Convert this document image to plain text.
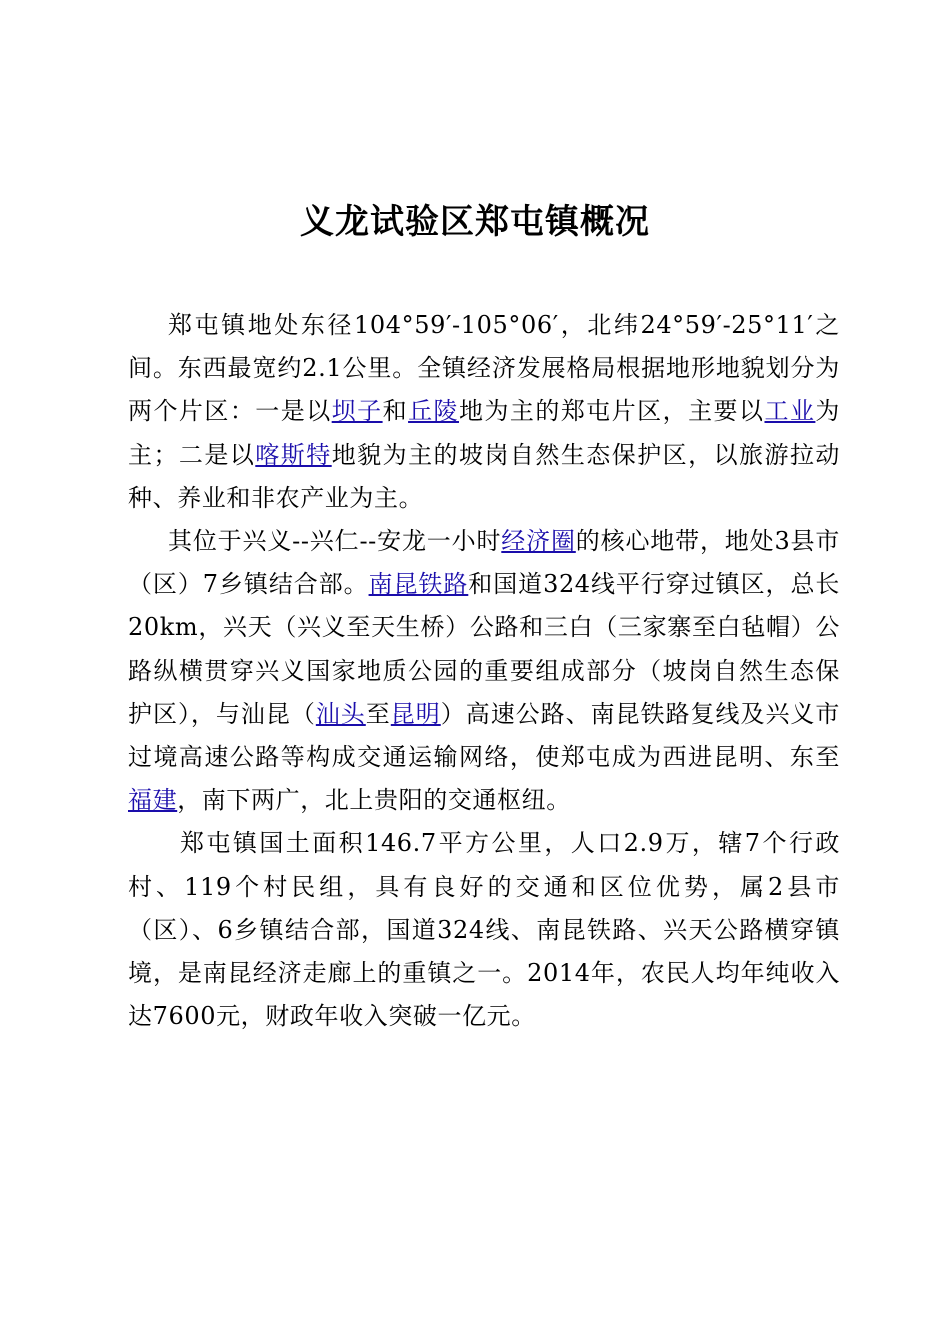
义龙试验区郑屯镇概况

郑屯镇地处东径104°59′-105°06′，北纬24°59′-25°11′之间。东西最宽约2.1公里。全镇经济发展格局根据地形地貌划分为两个片区：一是以坝子和丘陵地为主的郑屯片区，主要以工业为主；二是以喀斯特地貌为主的坡岗自然生态保护区，以旅游拉动种、养业和非农产业为主。

其位于兴义--兴仁--安龙一小时经济圈的核心地带，地处3县市（区）7乡镇结合部。南昆铁路和国道324线平行穿过镇区，总长20km，兴天（兴义至天生桥）公路和三白（三家寨至白毡帽）公路纵横贯穿兴义国家地质公园的重要组成部分（坡岗自然生态保护区），与汕昆（汕头至昆明）高速公路、南昆铁路复线及兴义市过境高速公路等构成交通运输网络，使郑屯成为西进昆明、东至福建，南下两广，北上贵阳的交通枢纽。

郑屯镇国土面积146.7平方公里，人口2.9万，辖7个行政村、119个村民组，具有良好的交通和区位优势，属2县市（区）、6乡镇结合部，国道324线、南昆铁路、兴天公路横穿镇境，是南昆经济走廊上的重镇之一。2014年，农民人均年纯收入达7600元，财政年收入突破一亿元。
